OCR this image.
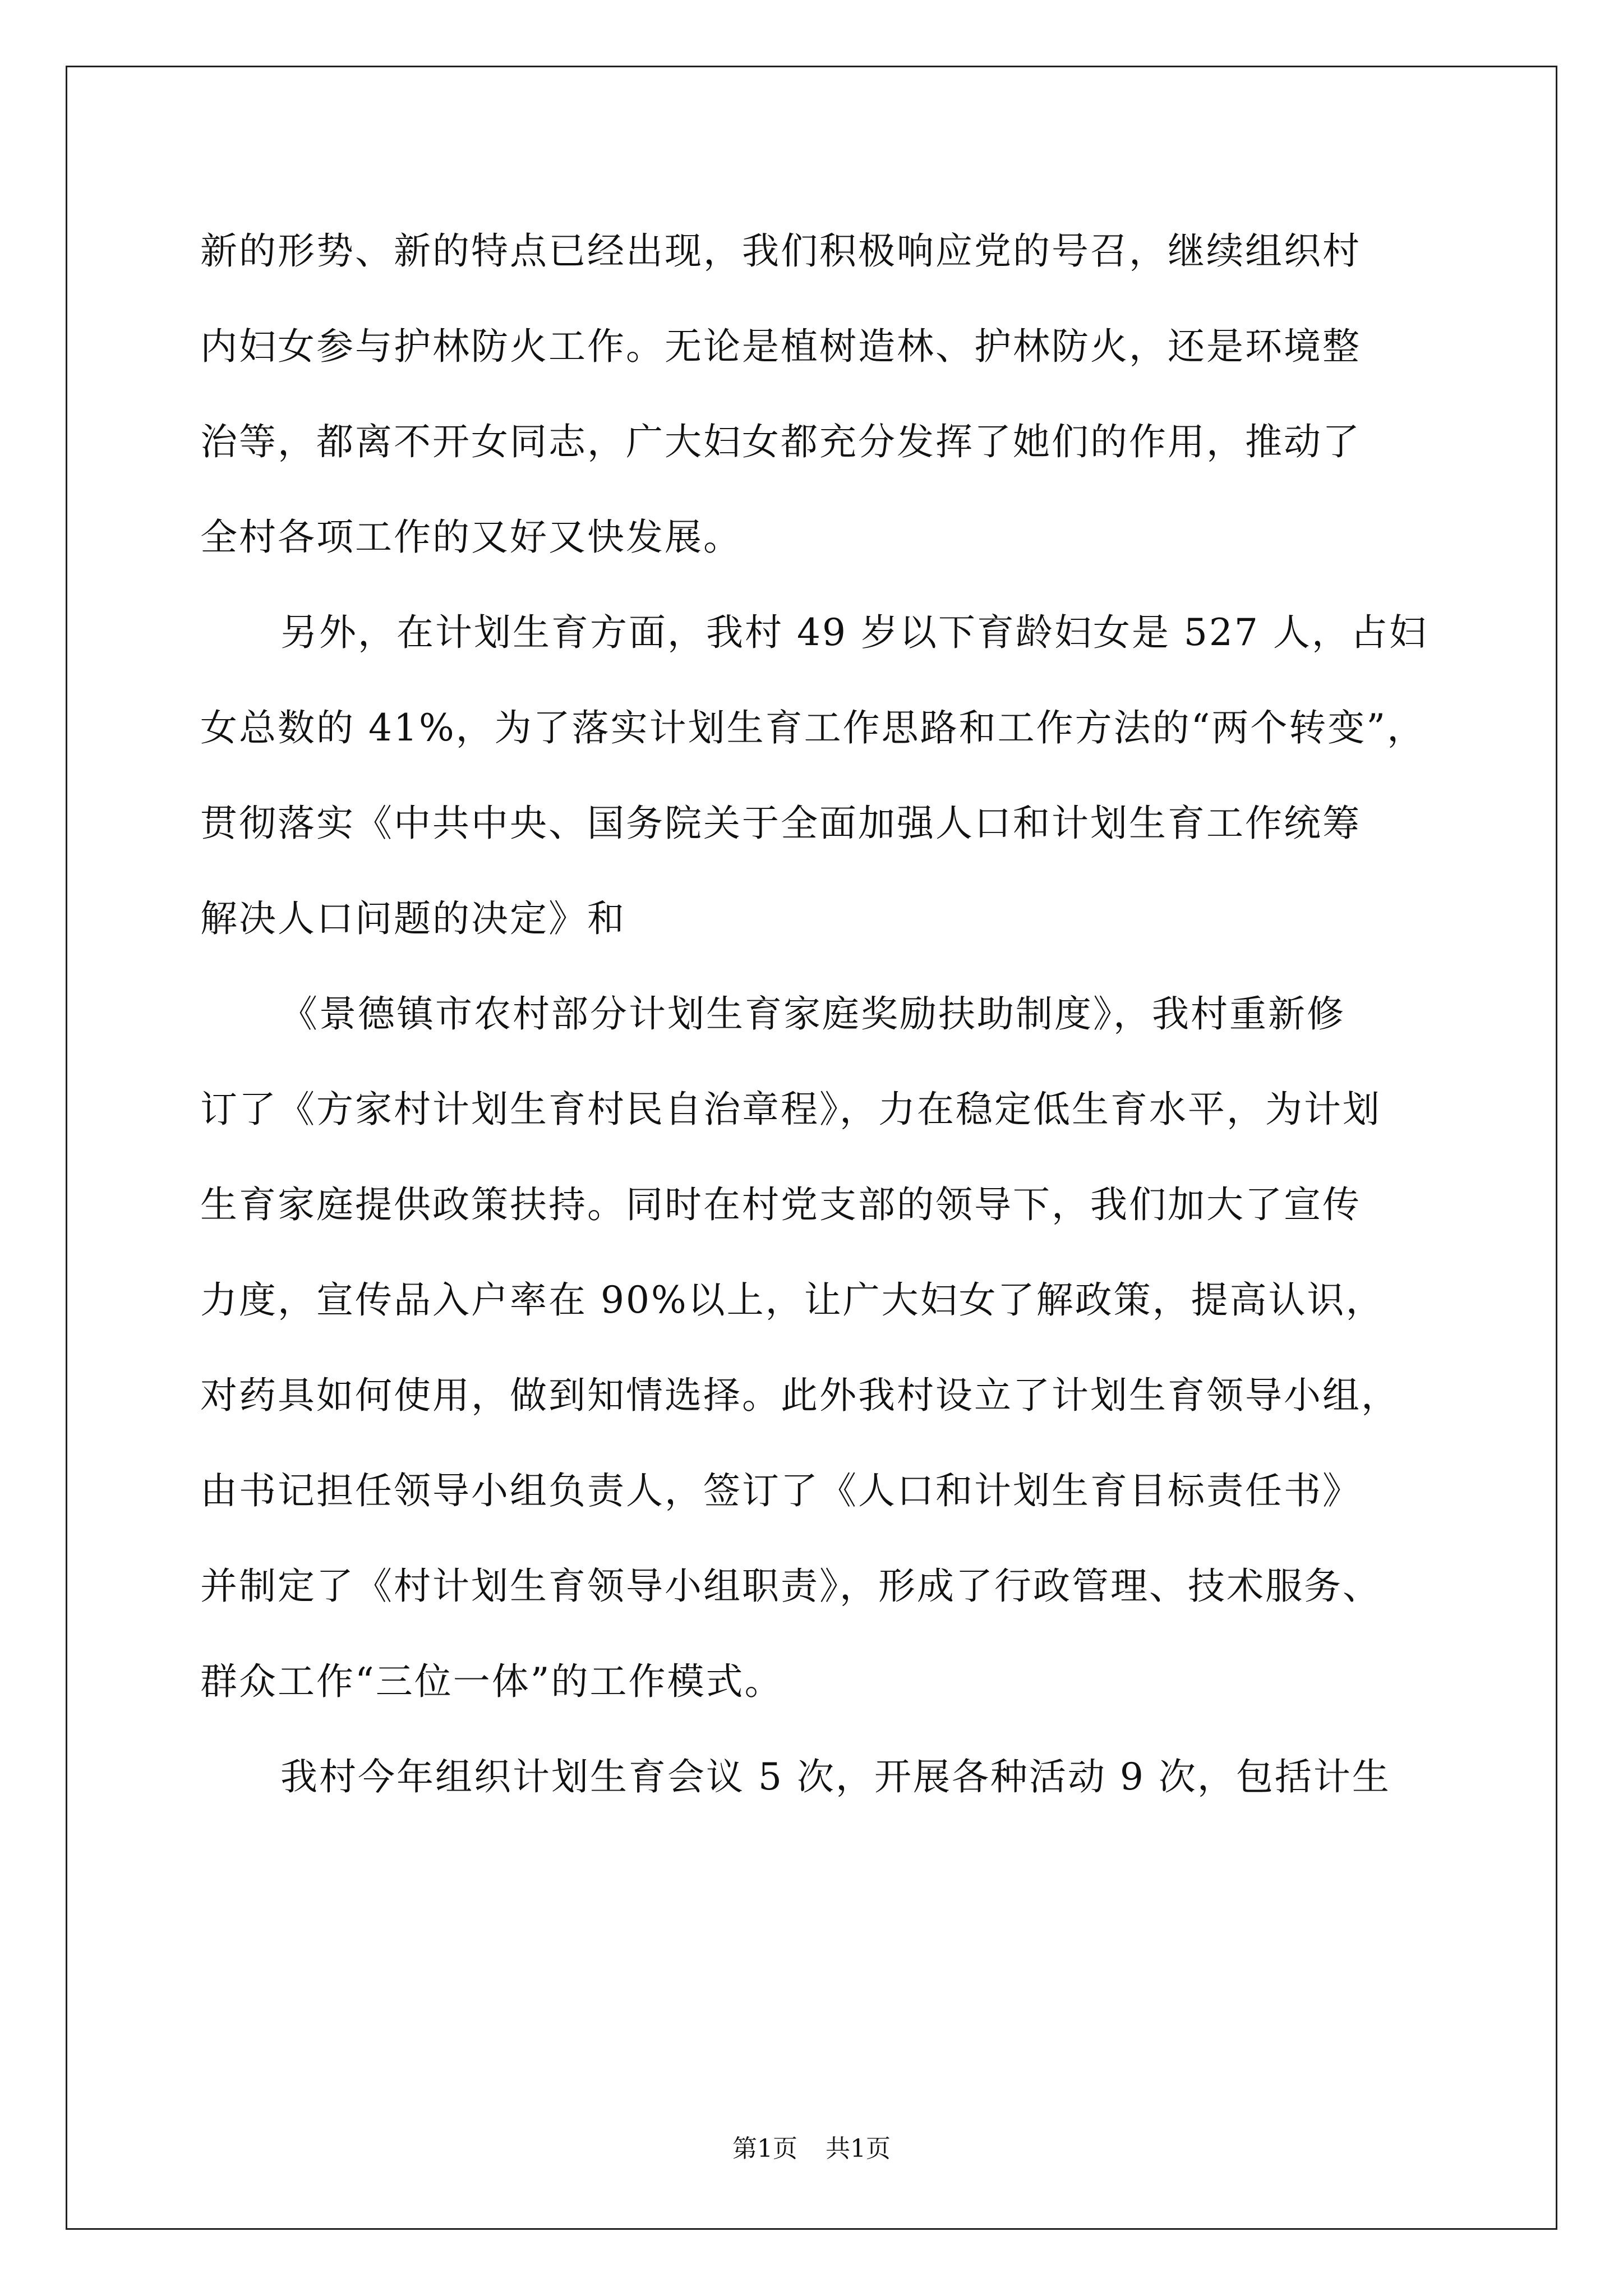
新的形势、新的特点已经出现，我们积极响应党的号召，继续组织村
内妇女参与护林防火工作。无论是植树造林、护林防火，还是环境整
治等，都离不开女同志，广大妇女都充分发挥了她们的作用，推动了
全村各项工作的又好又快发展。
另外，在计划生育方面，我村 49 岁以下育龄妇女是 527 人，占妇
女总数的 41%，为了落实计划生育工作思路和工作方法的“两个转变”，
贯彻落实《中共中央、国务院关于全面加强人口和计划生育工作统筹
解决人口问题的决定》和
《景德镇市农村部分计划生育家庭奖励扶助制度》，我村重新修
订了《方家村计划生育村民自治章程》，力在稳定低生育水平，为计划
生育家庭提供政策扶持。同时在村党支部的领导下，我们加大了宣传
力度，宣传品入户率在 90%以上，让广大妇女了解政策，提高认识，
对药具如何使用，做到知情选择。此外我村设立了计划生育领导小组，
由书记担任领导小组负责人，签订了《人口和计划生育目标责任书》
并制定了《村计划生育领导小组职责》，形成了行政管理、技术服务、
群众工作“三位一体”的工作模式。
我村今年组织计划生育会议 5 次，开展各种活动 9 次，包括计生
第1页 共1页
